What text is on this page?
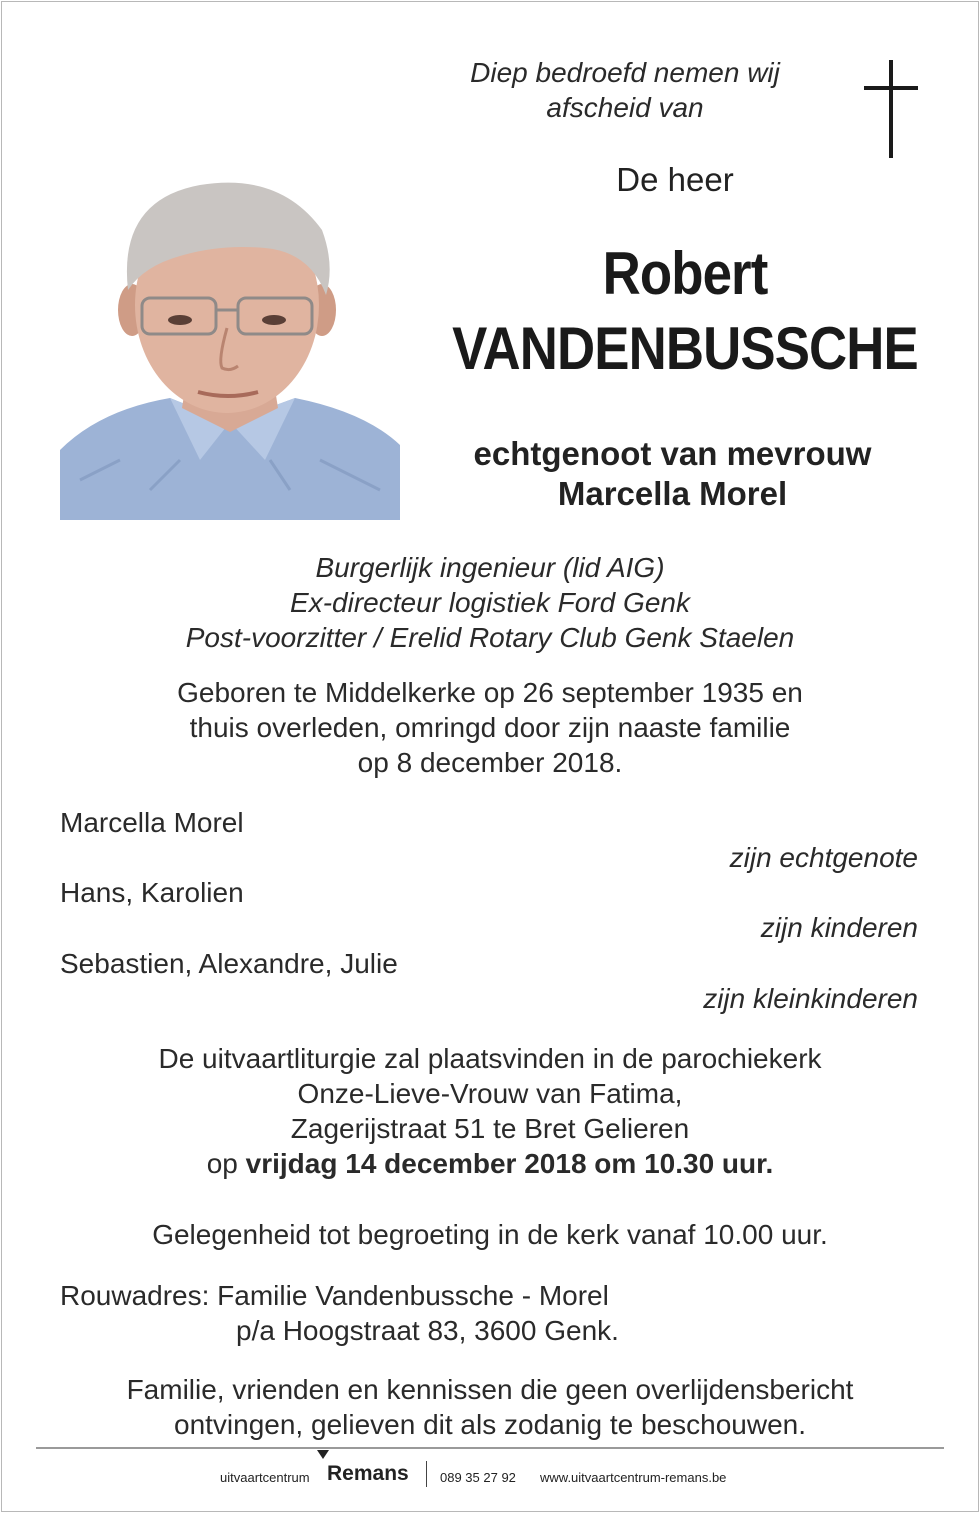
Diep bedroefd nemen wij
afscheid van
De heer
Robert
VANDENBUSSCHE
echtgenoot van mevrouw
Marcella Morel
Burgerlijk ingenieur (lid AIG)
Ex-directeur logistiek Ford Genk
Post-voorzitter / Erelid Rotary Club Genk Staelen
Geboren te Middelkerke op 26 september 1935 en
thuis overleden, omringd door zijn naaste familie
op 8 december 2018.
Marcella Morel
zijn echtgenote
Hans, Karolien
zijn kinderen
Sebastien, Alexandre, Julie
zijn kleinkinderen
De uitvaartliturgie zal plaatsvinden in de parochiekerk
Onze-Lieve-Vrouw van Fatima,
Zagerijstraat 51 te Bret Gelieren
op vrijdag 14 december 2018 om 10.30 uur.
Gelegenheid tot begroeting in de kerk vanaf 10.00 uur.
Rouwadres: Familie Vandenbussche - Morel
p/a Hoogstraat 83, 3600 Genk.
Familie, vrienden en kennissen die geen overlijdensbericht
ontvingen, gelieven dit als zodanig te beschouwen.
uitvaartcentrum Remans 089 35 27 92 www.uitvaartcentrum-remans.be
